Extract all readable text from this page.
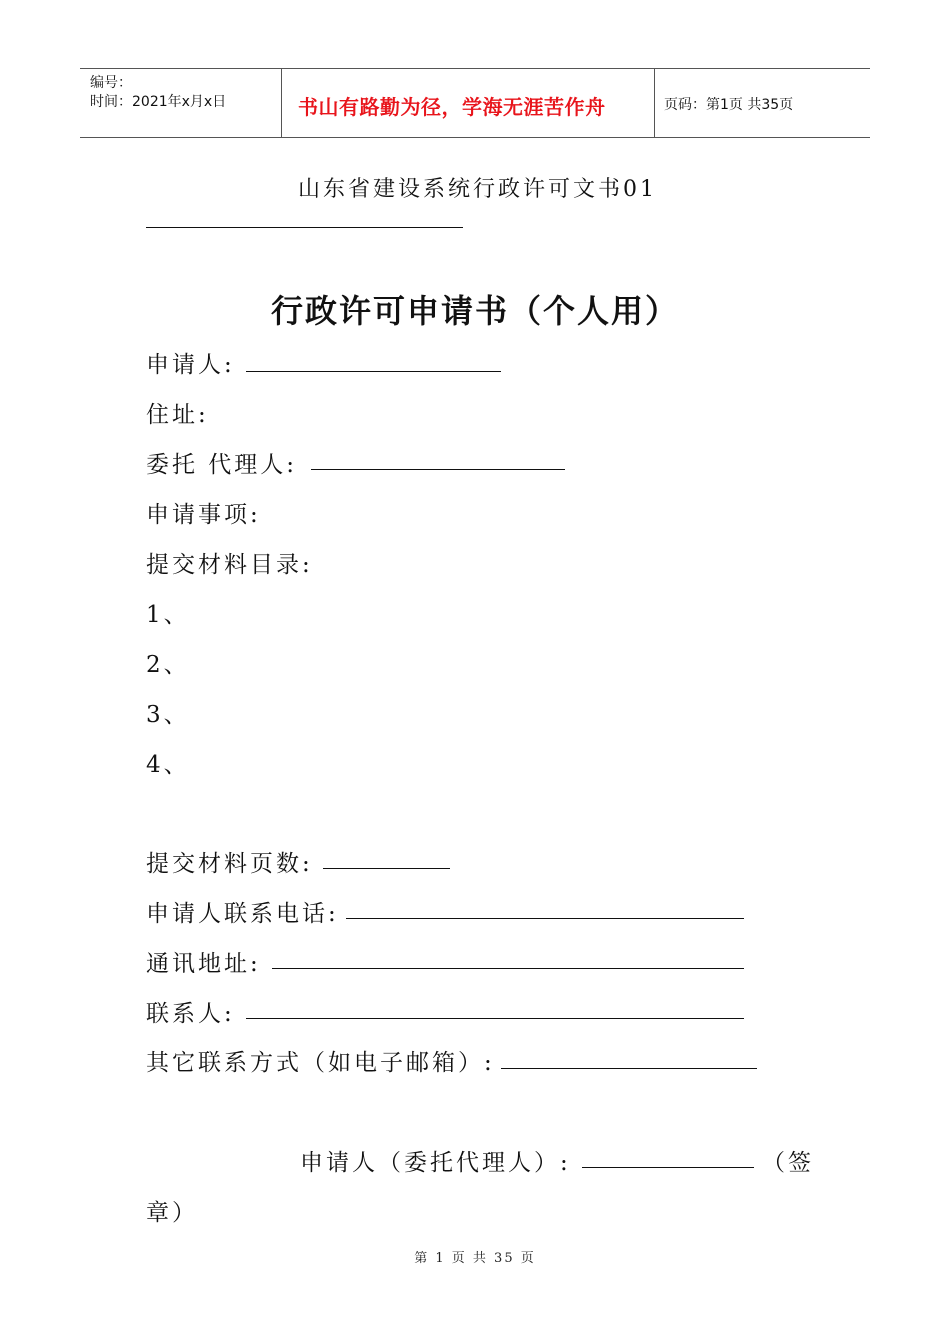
编号：
时间：2021年x月x日	书山有路勤为径，学海无涯苦作舟	页码：第1页 共35页
山东省建设系统行政许可文书01
行政许可申请书（个人用）
申请人:
住址:
委托 代理人:
申请事项:
提交材料目录:
1、
2、
3、
4、
提交材料页数:
申请人联系电话:
通讯地址:
联系人:
其它联系方式（如电子邮箱）:
申请人（委托代理人）:	（签
章）
第 1 页 共 35 页
